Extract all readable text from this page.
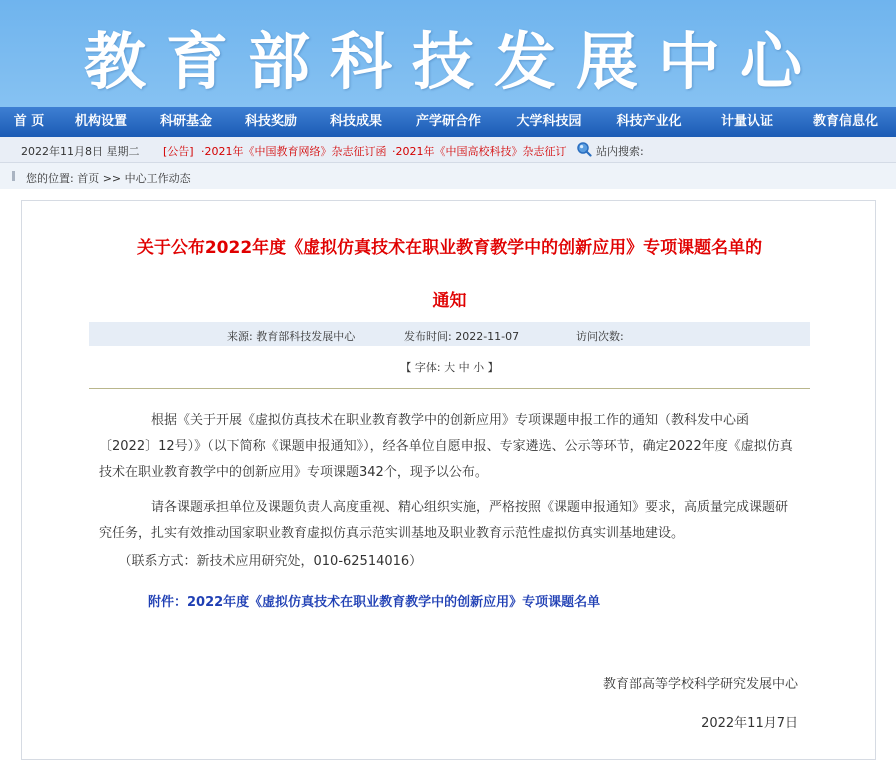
教育部科技发展中心
首 页	机构设置	科研基金	科技奖励	科技成果	产学研合作	大学科技园	科技产业化	计量认证	教育信息化
2022年11月8日 星期二 [公告] ·2021年《中国教育网络》杂志征订函 ·2021年《中国高校科技》杂志征订	站内搜索:
您的位置: 首页 >> 中心工作动态
关于公布2022年度《虚拟仿真技术在职业教育教学中的创新应用》专项课题名单的
通知
来源: 教育部科技发展中心	发布时间: 2022-11-07	访问次数:
【 字体: 大 中 小 】
　　　　根据《关于开展《虚拟仿真技术在职业教育教学中的创新应用》专项课题申报工作的通知（教科发中心函〔2022〕12号）》（以下简称《课题申报通知》），经各单位自愿申报、专家遴选、公示等环节，确定2022年度《虚拟仿真技术在职业教育教学中的创新应用》专项课题342个，现予以公布。
　　　　请各课题承担单位及课题负责人高度重视、精心组织实施，严格按照《课题申报通知》要求，高质量完成课题研究任务，扎实有效推动国家职业教育虚拟仿真示范实训基地及职业教育示范性虚拟仿真实训基地建设。
　　（联系方式：新技术应用研究处，010-62514016）
附件：2022年度《虚拟仿真技术在职业教育教学中的创新应用》专项课题名单
教育部高等学校科学研究发展中心
2022年11月7日
